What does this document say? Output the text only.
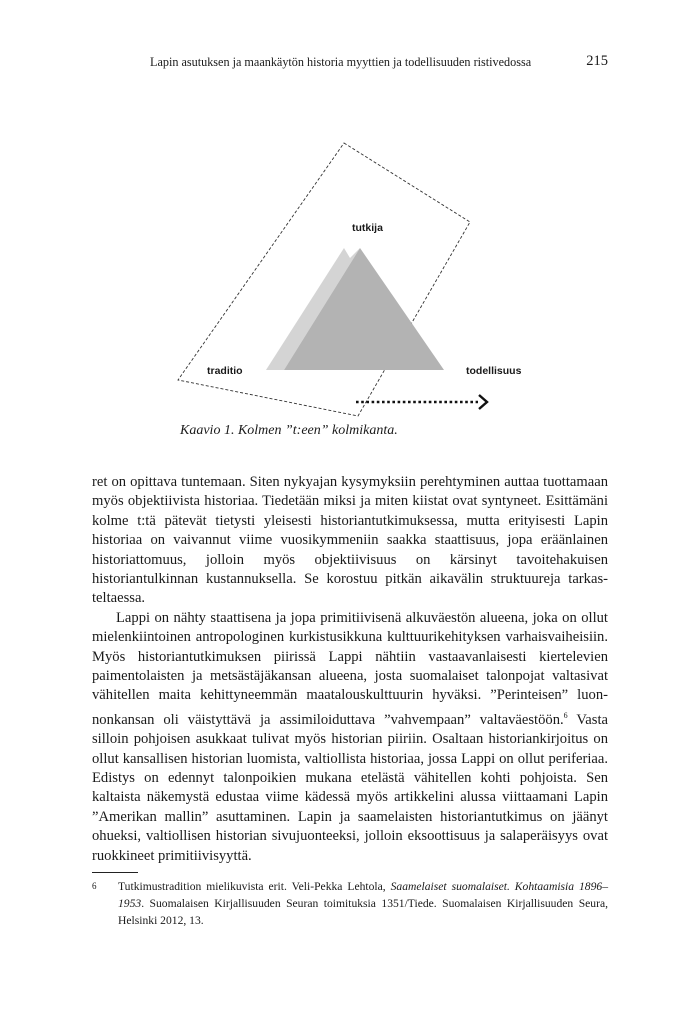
Lapin asutuksen ja maankäytön historia myyttien ja todellisuuden ristivedossa	215
tutkija
traditio	todellisuus
Kaavio 1. Kolmen ”t:een” kolmikanta.

ret on opittava tuntemaan. Siten nykyajan kysymyksiin perehtyminen auttaa tuottamaan myös objektiivista historiaa. Tiedetään miksi ja miten kiistat ovat syntyneet. Esittämäni kolme t:tä pätevät tietysti yleisesti historiantutkimuksessa, mutta erityisesti Lapin historiaa on vaivannut viime vuosikymmeniin saakka staattisuus, jopa eräänlainen historiattomuus, jolloin myös objektiivisuus on kärsinyt tavoitehakuisen historiantulkinnan kustannuksella. Se korostuu pitkän aikavälin struktuureja tarkasteltaessa.

Lappi on nähty staattisena ja jopa primitiivisenä alkuväestön alueena, joka on ollut mielenkiintoinen antropologinen kurkistusikkuna kulttuurikehityksen varhaisvaiheisiin. Myös historiantutkimuksen piirissä Lappi nähtiin vastaavanlaisesti kiertelevien paimentolaisten ja metsästäjäkansan alueena, josta suomalaiset talonpojat valtasivat vähitellen maita kehittyneemmän maatalouskulttuurin hyväksi. ”Perinteisen” luonnonkansan oli väistyttävä ja assimiloiduttava ”vahvempaan” valtaväestöön.$^6$ Vasta silloin pohjoisen asukkaat tulivat myös historian piiriin. Osaltaan historiankirjoitus on ollut kansallisen historian luomista, valtiollista historiaa, jossa Lappi on ollut periferiaa. Edistys on edennyt talonpoikien mukana etelästä vähitellen kohti pohjoista. Sen kaltaista näkemystä edustaa viime kädessä myös artikkelini alussa viittaamani Lapin ”Amerikan mallin” asuttaminen. Lapin ja saamelaisten historiantutkimus on jäänyt ohueksi, valtiollisen historian sivujuonteeksi, jolloin eksoottisuus ja salaperäisyys ovat ruokkineet primitiivisyyttä.

6 Tutkimustradition mielikuvista erit. Veli-Pekka Lehtola, Saamelaiset suomalaiset. Kohtaamisia 1896–1953. Suomalaisen Kirjallisuuden Seuran toimituksia 1351/Tiede. Suomalaisen Kirjallisuuden Seura, Helsinki 2012, 13.
